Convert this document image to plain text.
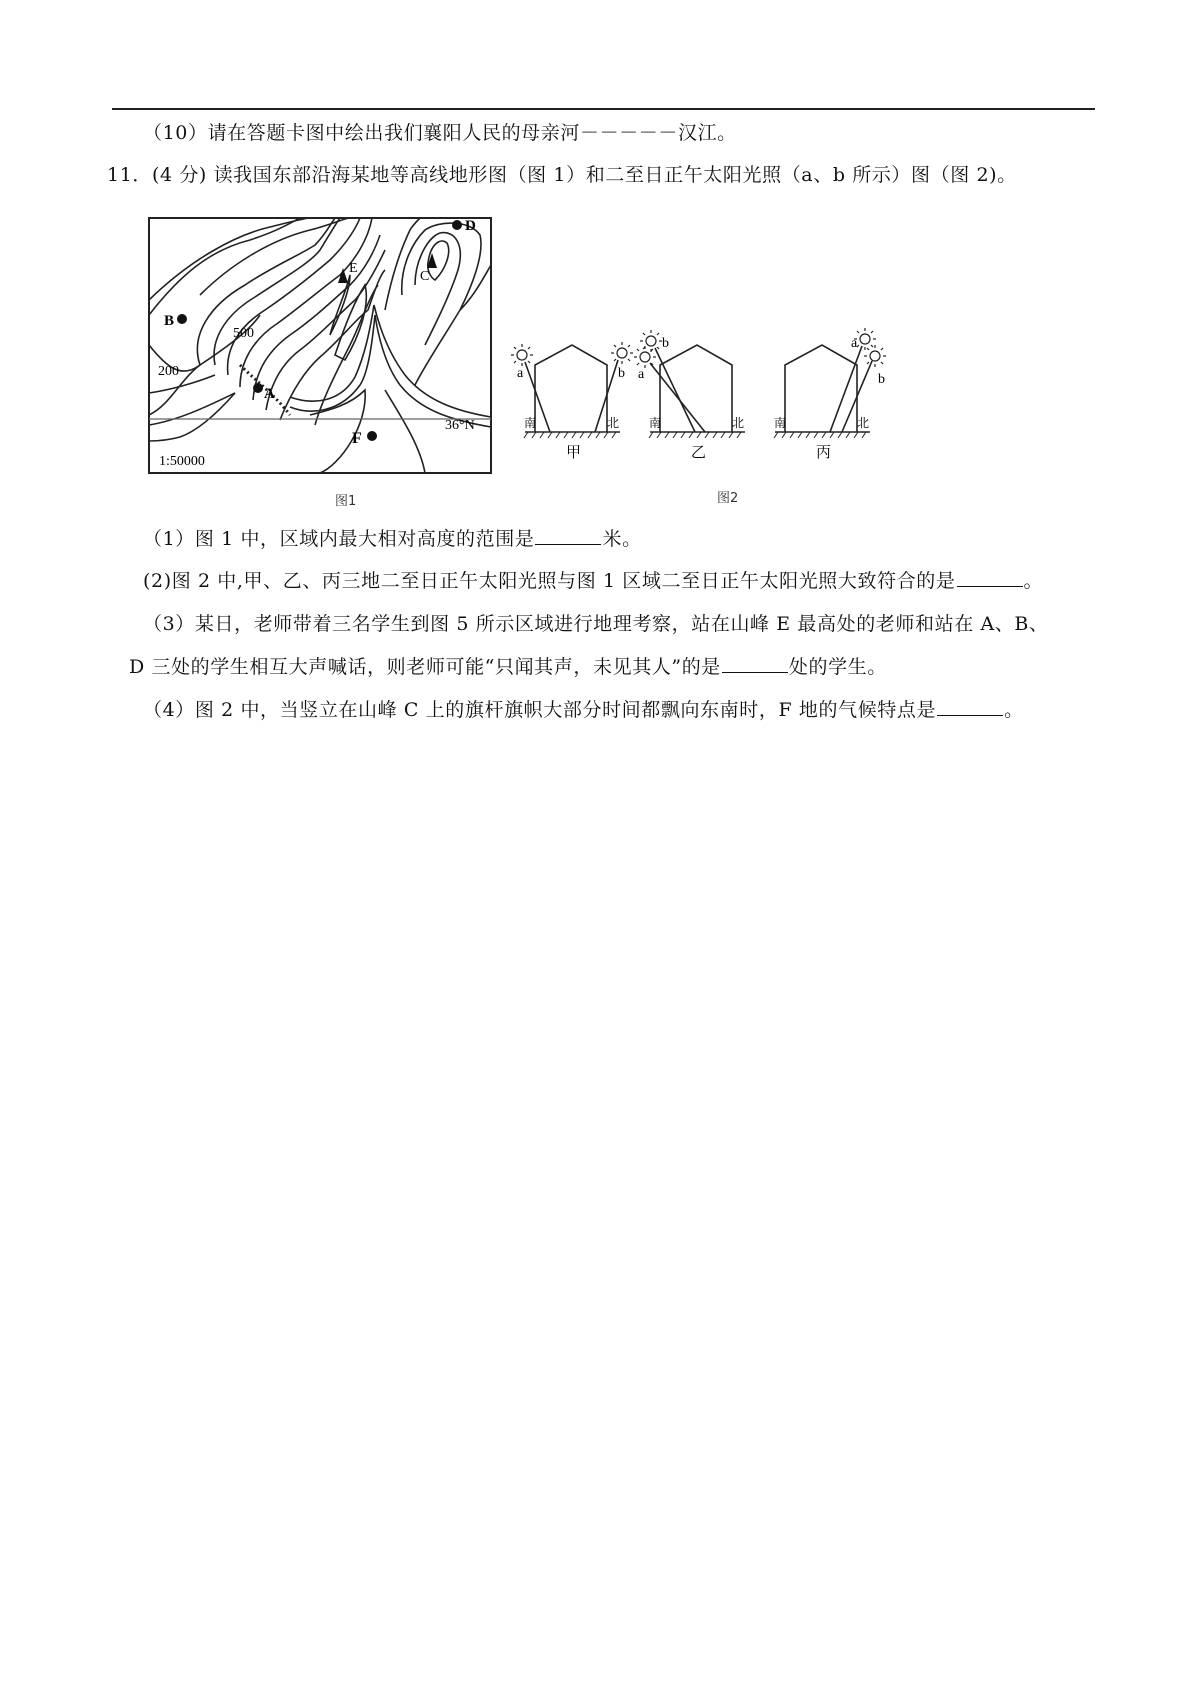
（10）请在答题卡图中绘出我们襄阳人民的母亲河－－－－－汉江。
11．(4 分) 读我国东部沿海某地等高线地形图（图 1）和二至日正午太阳光照（a、b 所示）图（图 2)。
36°N
1:50000
200
500
A
B
C
D
E
F
图1
a	b
南	北
甲
b
a
南	北
乙
a
b
南	北
丙
图2
（1）图 1 中，区域内最大相对高度的范围是	米。
(2)图 2 中,甲、乙、丙三地二至日正午太阳光照与图 1 区域二至日正午太阳光照大致符合的是	。
（3）某日，老师带着三名学生到图 5 所示区域进行地理考察，站在山峰 E 最高处的老师和站在 A、B、
D 三处的学生相互大声喊话，则老师可能“只闻其声，未见其人”的是	处的学生。
（4）图 2 中，当竖立在山峰 C 上的旗杆旗帜大部分时间都飘向东南时，F 地的气候特点是	。
